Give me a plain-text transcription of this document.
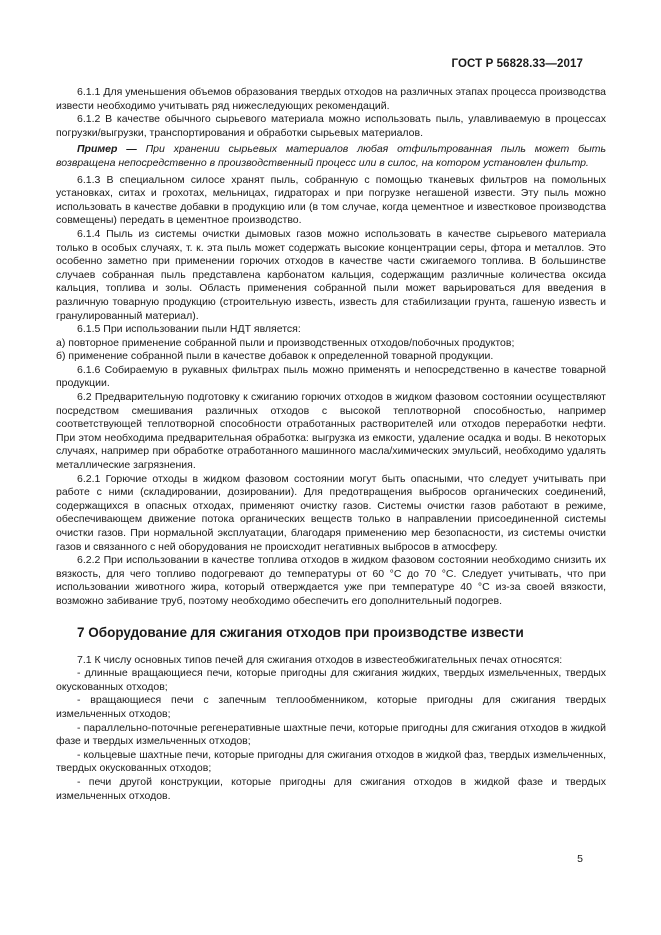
ГОСТ Р 56828.33—2017

6.1.1 Для уменьшения объемов образования твердых отходов на различных этапах процесса производства извести необходимо учитывать ряд нижеследующих рекомендаций.

6.1.2 В качестве обычного сырьевого материала можно использовать пыль, улавливаемую в процессах погрузки/выгрузки, транспортирования и обработки сырьевых материалов.

Пример — При хранении сырьевых материалов любая отфильтрованная пыль может быть возвращена непосредственно в производственный процесс или в силос, на котором установлен фильтр.

6.1.3 В специальном силосе хранят пыль, собранную с помощью тканевых фильтров на помольных установках, ситах и грохотах, мельницах, гидраторах и при погрузке негашеной извести. Эту пыль можно использовать в качестве добавки в продукцию или (в том случае, когда цементное и известковое производства совмещены) передать в цементное производство.

6.1.4 Пыль из системы очистки дымовых газов можно использовать в качестве сырьевого материала только в особых случаях, т. к. эта пыль может содержать высокие концентрации серы, фтора и металлов. Это особенно заметно при применении горючих отходов в качестве части сжигаемого топлива. В большинстве случаев собранная пыль представлена карбонатом кальция, содержащим различные количества оксида кальция, топлива и золы. Область применения собранной пыли может варьироваться для введения в различную товарную продукцию (строительную известь, известь для стабилизации грунта, гашеную известь и гранулированный материал).

6.1.5 При использовании пыли НДТ является:

а) повторное применение собранной пыли и производственных отходов/побочных продуктов;

б) применение собранной пыли в качестве добавок к определенной товарной продукции.

6.1.6 Собираемую в рукавных фильтрах пыль можно применять и непосредственно в качестве товарной продукции.

6.2 Предварительную подготовку к сжиганию горючих отходов в жидком фазовом состоянии осуществляют посредством смешивания различных отходов с высокой теплотворной способностью, например соответствующей теплотворной способности отработанных растворителей или отходов переработки нефти. При этом необходима предварительная обработка: выгрузка из емкости, удаление осадка и воды. В некоторых случаях, например при обработке отработанного машинного масла/химических эмульсий, необходимо удалять металлические загрязнения.

6.2.1 Горючие отходы в жидком фазовом состоянии могут быть опасными, что следует учитывать при работе с ними (складировании, дозировании). Для предотвращения выбросов органических соединений, содержащихся в опасных отходах, применяют очистку газов. Системы очистки газов работают в режиме, обеспечивающем движение потока органических веществ только в направлении присоединенной системы очистки газов. При нормальной эксплуатации, благодаря применению мер безопасности, из системы очистки газов и связанного с ней оборудования не происходит негативных выбросов в атмосферу.

6.2.2 При использовании в качестве топлива отходов в жидком фазовом состоянии необходимо снизить их вязкость, для чего топливо подогревают до температуры от 60 °C до 70 °C. Следует учитывать, что при использовании животного жира, который отверждается уже при температуре 40 °C из-за своей вязкости, возможно забивание труб, поэтому необходимо обеспечить его дополнительный подогрев.

7 Оборудование для сжигания отходов при производстве извести

7.1 К числу основных типов печей для сжигания отходов в известеобжигательных печах относятся:

- длинные вращающиеся печи, которые пригодны для сжигания жидких, твердых измельченных, твердых окускованных отходов;

- вращающиеся печи с запечным теплообменником, которые пригодны для сжигания твердых измельченных отходов;

- параллельно-поточные регенеративные шахтные печи, которые пригодны для сжигания отходов в жидкой фазе и твердых измельченных отходов;

- кольцевые шахтные печи, которые пригодны для сжигания отходов в жидкой фаз, твердых измельченных, твердых окускованных отходов;

- печи другой конструкции, которые пригодны для сжигания отходов в жидкой фазе и твердых измельченных отходов.

5
